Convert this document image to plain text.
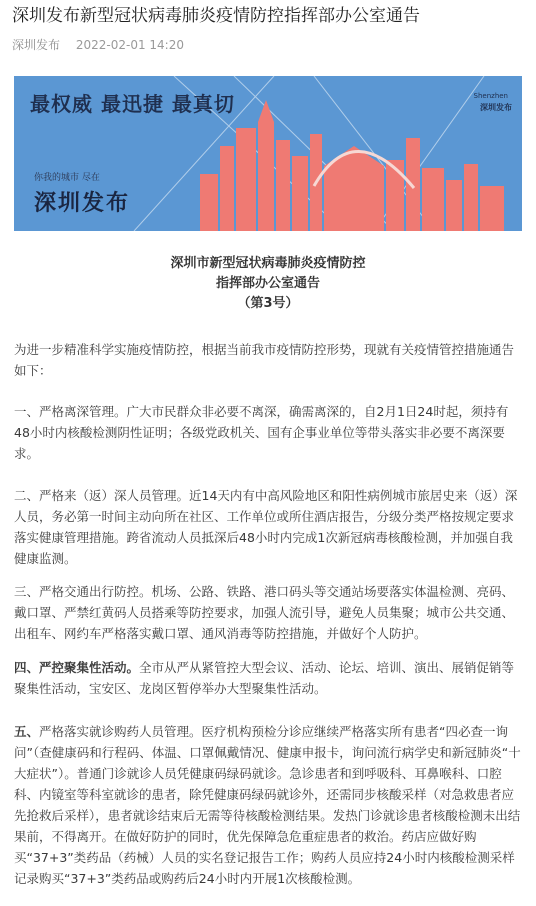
深圳发布新型冠状病毒肺炎疫情防控指挥部办公室通告
深圳发布 2022-02-01 14:20
最权威 最迅捷 最真切
你我的城市 尽在
深圳发布
Shenzhen
深圳发布
深圳市新型冠状病毒肺炎疫情防控
指挥部办公室通告
（第3号）

为进一步精准科学实施疫情防控，根据当前我市疫情防控形势，现就有关疫情管控措施通告如下：

一、严格离深管理。广大市民群众非必要不离深，确需离深的，自2月1日24时起，须持有48小时内核酸检测阴性证明；各级党政机关、国有企事业单位等带头落实非必要不离深要求。

二、严格来（返）深人员管理。近14天内有中高风险地区和阳性病例城市旅居史来（返）深人员，务必第一时间主动向所在社区、工作单位或所住酒店报告，分级分类严格按规定要求落实健康管理措施。跨省流动人员抵深后48小时内完成1次新冠病毒核酸检测，并加强自我健康监测。

三、严格交通出行防控。机场、公路、铁路、港口码头等交通站场要落实体温检测、亮码、戴口罩、严禁红黄码人员搭乘等防控要求，加强人流引导，避免人员集聚；城市公共交通、出租车、网约车严格落实戴口罩、通风消毒等防控措施，并做好个人防护。

四、严控聚集性活动。全市从严从紧管控大型会议、活动、论坛、培训、演出、展销促销等聚集性活动，宝安区、龙岗区暂停举办大型聚集性活动。

五、严格落实就诊购药人员管理。医疗机构预检分诊应继续严格落实所有患者“四必查一询问”（查健康码和行程码、体温、口罩佩戴情况、健康申报卡，询问流行病学史和新冠肺炎“十大症状”）。普通门诊就诊人员凭健康码绿码就诊。急诊患者和到呼吸科、耳鼻喉科、口腔科、内镜室等科室就诊的患者，除凭健康码绿码就诊外，还需同步核酸采样（对急救患者应先抢救后采样），患者就诊结束后无需等待核酸检测结果。发热门诊就诊患者核酸检测未出结果前，不得离开。在做好防护的同时，优先保障急危重症患者的救治。药店应做好购买“37+3”类药品（药械）人员的实名登记报告工作；购药人员应持24小时内核酸检测采样记录购买“37+3”类药品或购药后24小时内开展1次核酸检测。
